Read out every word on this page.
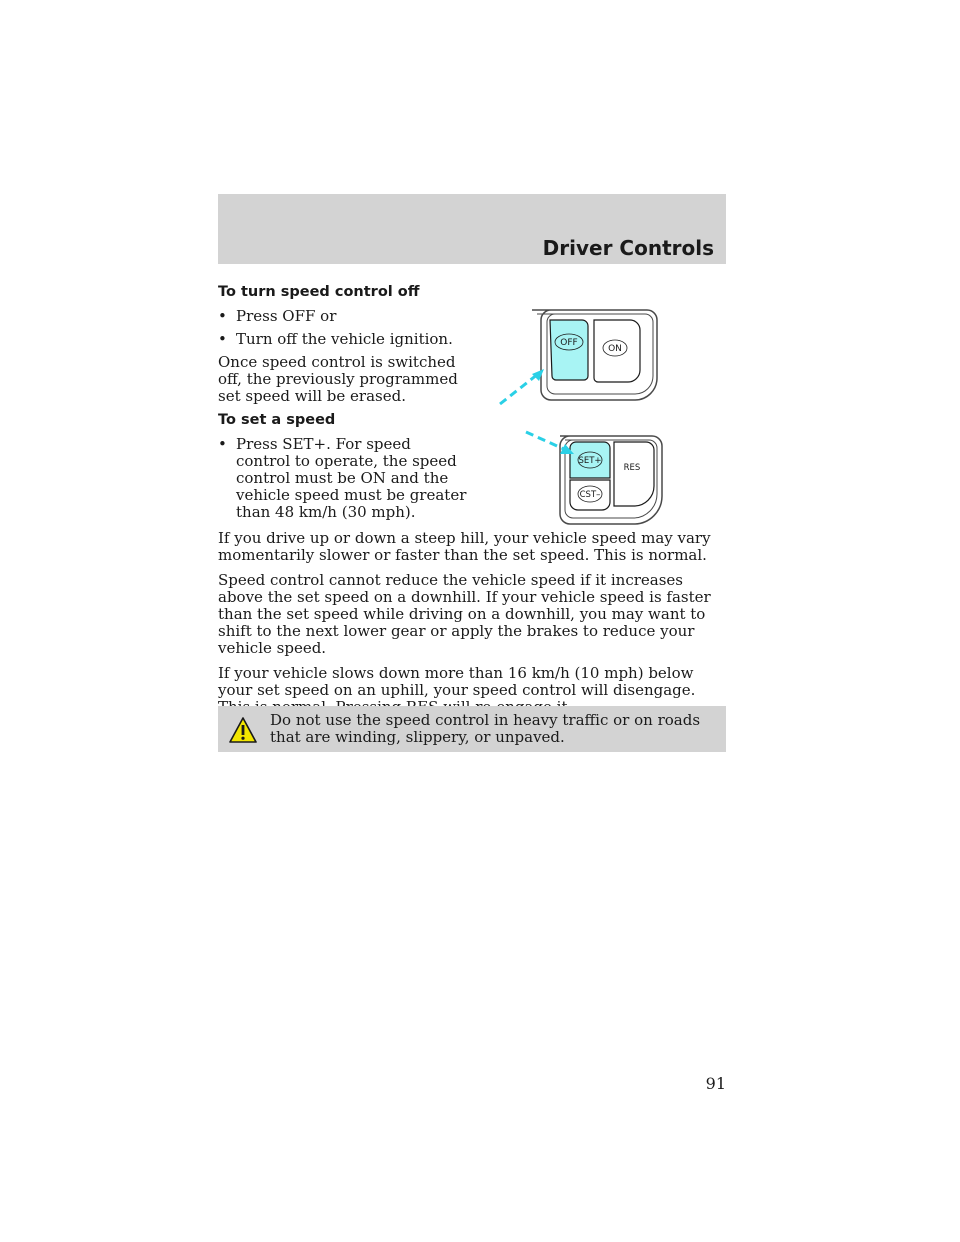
Driver Controls
To turn speed control off
• Press OFF or
• Turn off the vehicle ignition.

Once speed control is switched off, the previously programmed set speed will be erased.

To set a speed
• Press SET+. For speed control to operate, the speed control must be ON and the vehicle speed must be greater than 48 km/h (30 mph).

If you drive up or down a steep hill, your vehicle speed may vary momentarily slower or faster than the set speed. This is normal.

Speed control cannot reduce the vehicle speed if it increases above the set speed on a downhill. If your vehicle speed is faster than the set speed while driving on a downhill, you may want to shift to the next lower gear or apply the brakes to reduce your vehicle speed.

If your vehicle slows down more than 16 km/h (10 mph) below your set speed on an uphill, your speed control will disengage.

Do not use the speed control in heavy traffic or on roads that are winding, slippery, or unpaved.
OFF
ON
SET+
CST–
RES
91
